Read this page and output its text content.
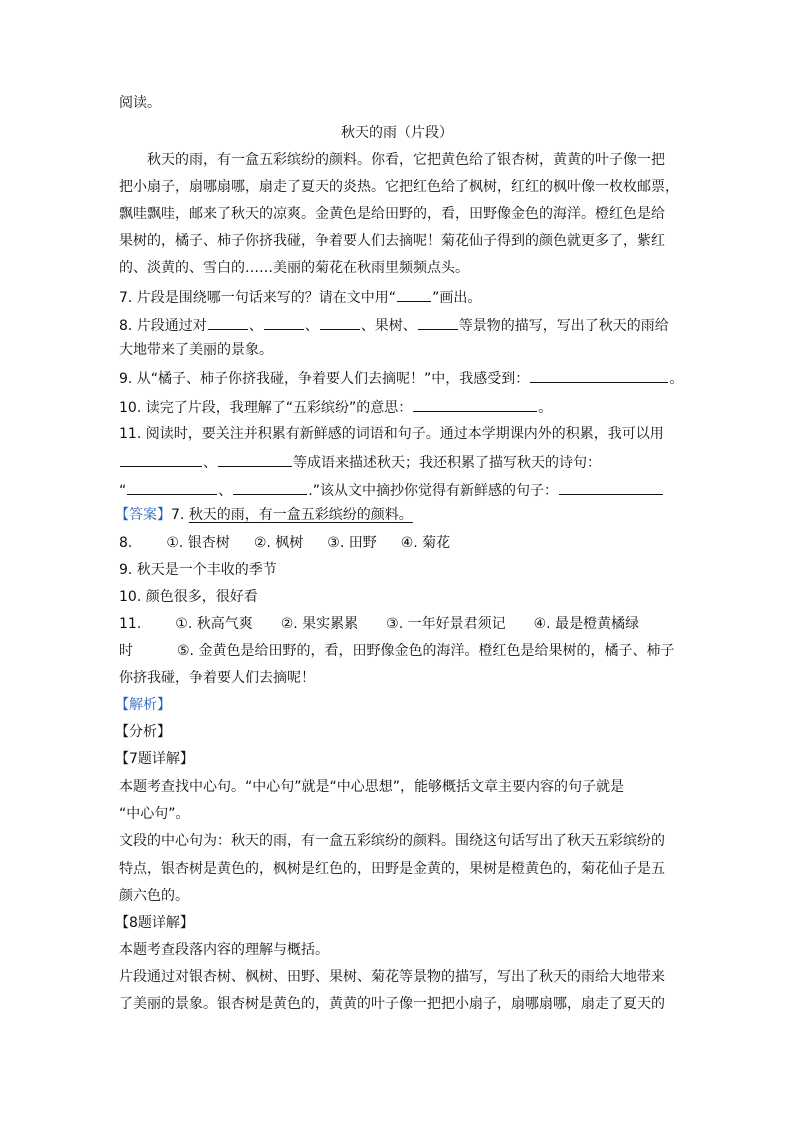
阅读。
秋天的雨（片段）
秋天的雨，有一盒五彩缤纷的颜料。你看，它把黄色给了银杏树，黄黄的叶子像一把
把小扇子，扇哪扇哪，扇走了夏天的炎热。它把红色给了枫树，红红的枫叶像一枚枚邮票，
飘哇飘哇，邮来了秋天的凉爽。金黄色是给田野的，看，田野像金色的海洋。橙红色是给
果树的，橘子、柿子你挤我碰，争着要人们去摘呢！菊花仙子得到的颜色就更多了，紫红
的、淡黄的、雪白的……美丽的菊花在秋雨里频频点头。
7. 片段是围绕哪一句话来写的？请在文中用“	”画出。
8. 片段通过对	、	、	、果树、	等景物的描写，写出了秋天的雨给
大地带来了美丽的景象。
9. 从“橘子、柿子你挤我碰，争着要人们去摘呢！”中，我感受到：	。
10. 读完了片段，我理解了“五彩缤纷”的意思：	。
11. 阅读时，要关注并积累有新鲜感的词语和句子。通过本学期课内外的积累，我可以用
、	等成语来描述秋天；我还积累了描写秋天的诗句：
“	、	.”该从文中摘抄你觉得有新鲜感的句子：
【答案】7. 秋天的雨，有一盒五彩缤纷的颜料。
8. ①. 银杏树 ②. 枫树 ③. 田野 ④. 菊花
9. 秋天是一个丰收的季节
10. 颜色很多，很好看
11. ①. 秋高气爽 ②. 果实累累 ③. 一年好景君须记 ④. 最是橙黄橘绿
时	⑤. 金黄色是给田野的，看，田野像金色的海洋。橙红色是给果树的，橘子、柿子
你挤我碰，争着要人们去摘呢！
【解析】
【分析】
【7题详解】
本题考查找中心句。“中心句”就是“中心思想”，能够概括文章主要内容的句子就是
“中心句”。
文段的中心句为：秋天的雨，有一盒五彩缤纷的颜料。围绕这句话写出了秋天五彩缤纷的
特点，银杏树是黄色的，枫树是红色的，田野是金黄的，果树是橙黄色的，菊花仙子是五
颜六色的。
【8题详解】
本题考查段落内容的理解与概括。
片段通过对银杏树、枫树、田野、果树、菊花等景物的描写，写出了秋天的雨给大地带来
了美丽的景象。银杏树是黄色的，黄黄的叶子像一把把小扇子，扇哪扇哪，扇走了夏天的
